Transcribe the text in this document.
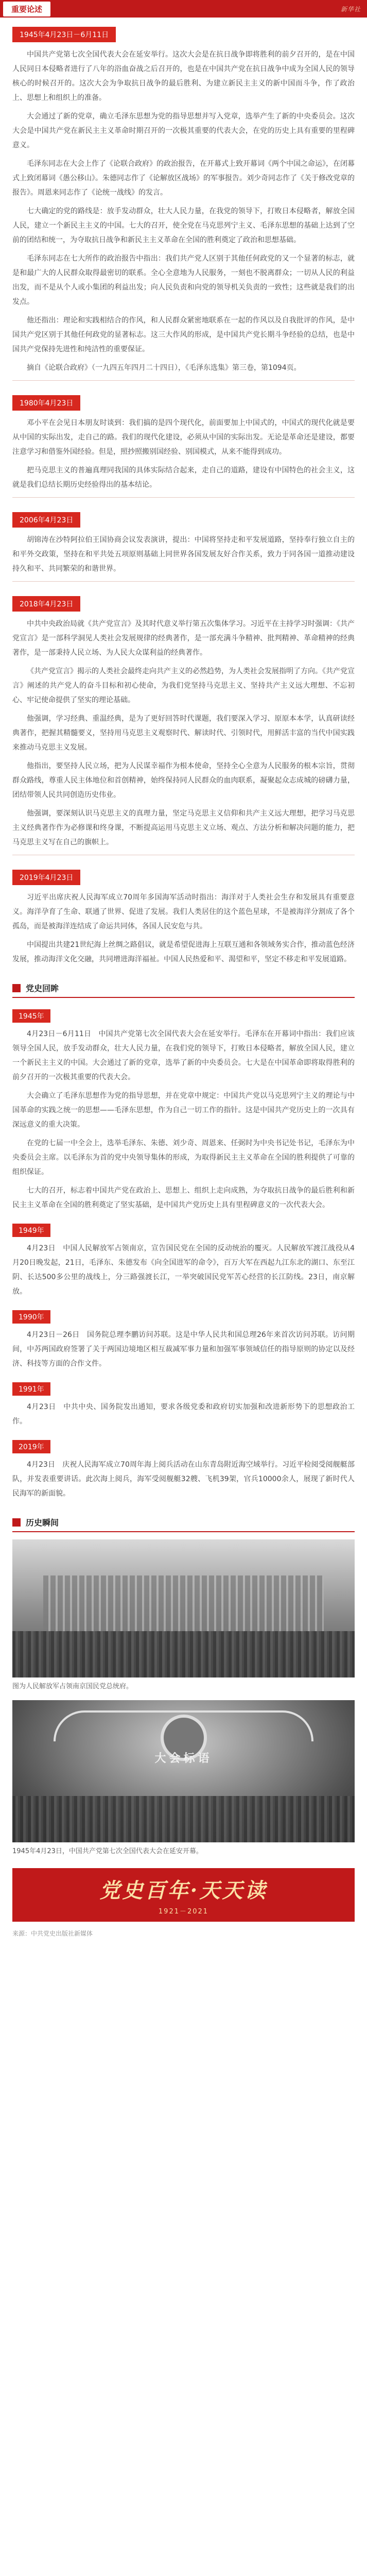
重要论述	新华社
1945年4月23日－6月11日

中国共产党第七次全国代表大会在延安举行。这次大会是在抗日战争即将胜利的前夕召开的，是在中国人民同日本侵略者进行了八年的浴血奋战之后召开的，也是在中国共产党在抗日战争中成为全国人民的领导核心的时候召开的。这次大会为争取抗日战争的最后胜利、为建立新民主主义的新中国而斗争，作了政治上、思想上和组织上的准备。

大会通过了新的党章，确立毛泽东思想为党的指导思想并写入党章，选举产生了新的中央委员会。这次大会是中国共产党在新民主主义革命时期召开的一次极其重要的代表大会，在党的历史上具有重要的里程碑意义。

毛泽东同志在大会上作了《论联合政府》的政治报告，在开幕式上致开幕词《两个中国之命运》，在闭幕式上致闭幕词《愚公移山》。朱德同志作了《论解放区战场》的军事报告。刘少奇同志作了《关于修改党章的报告》。周恩来同志作了《论统一战线》的发言。

七大确定的党的路线是：放手发动群众，壮大人民力量，在我党的领导下，打败日本侵略者，解放全国人民，建立一个新民主主义的中国。七大的召开，使全党在马克思列宁主义、毛泽东思想的基础上达到了空前的团结和统一，为夺取抗日战争和新民主主义革命在全国的胜利奠定了政治和思想基础。

毛泽东同志在七大所作的政治报告中指出：我们共产党人区别于其他任何政党的又一个显著的标志，就是和最广大的人民群众取得最密切的联系。全心全意地为人民服务，一刻也不脱离群众；一切从人民的利益出发，而不是从个人或小集团的利益出发；向人民负责和向党的领导机关负责的一致性；这些就是我们的出发点。

他还指出：理论和实践相结合的作风，和人民群众紧密地联系在一起的作风以及自我批评的作风，是中国共产党区别于其他任何政党的显著标志。这三大作风的形成，是中国共产党长期斗争经验的总结，也是中国共产党保持先进性和纯洁性的重要保证。

摘自《论联合政府》（一九四五年四月二十四日），《毛泽东选集》第三卷，第1094页。

1980年4月23日

邓小平在会见日本朋友时谈到：我们搞的是四个现代化，前面要加上中国式的，中国式的现代化就是要从中国的实际出发，走自己的路。我们的现代化建设，必须从中国的实际出发。无论是革命还是建设，都要注意学习和借鉴外国经验。但是，照抄照搬别国经验、别国模式，从来不能得到成功。

把马克思主义的普遍真理同我国的具体实际结合起来，走自己的道路，建设有中国特色的社会主义，这就是我们总结长期历史经验得出的基本结论。

2006年4月23日

胡锦涛在沙特阿拉伯王国协商会议发表演讲，提出：中国将坚持走和平发展道路，坚持奉行独立自主的和平外交政策，坚持在和平共处五项原则基础上同世界各国发展友好合作关系，致力于同各国一道推动建设持久和平、共同繁荣的和谐世界。

2018年4月23日

中共中央政治局就《共产党宣言》及其时代意义举行第五次集体学习。习近平在主持学习时强调：《共产党宣言》是一部科学洞见人类社会发展规律的经典著作，是一部充满斗争精神、批判精神、革命精神的经典著作，是一部秉持人民立场、为人民大众谋利益的经典著作。

《共产党宣言》揭示的人类社会最终走向共产主义的必然趋势，为人类社会发展指明了方向。《共产党宣言》阐述的共产党人的奋斗目标和初心使命，为我们党坚持马克思主义、坚持共产主义远大理想、不忘初心、牢记使命提供了坚实的理论基础。

他强调，学习经典、重温经典，是为了更好回答时代课题，我们要深入学习、原原本本学，认真研读经典著作，把握其精髓要义，坚持用马克思主义观察时代、解读时代、引领时代，用鲜活丰富的当代中国实践来推动马克思主义发展。

他指出，要坚持人民立场，把为人民谋幸福作为根本使命，坚持全心全意为人民服务的根本宗旨，贯彻群众路线，尊重人民主体地位和首创精神，始终保持同人民群众的血肉联系，凝聚起众志成城的磅礴力量，团结带领人民共同创造历史伟业。

他强调，要深刻认识马克思主义的真理力量，坚定马克思主义信仰和共产主义远大理想，把学习马克思主义经典著作作为必修课和终身课，不断提高运用马克思主义立场、观点、方法分析和解决问题的能力，把马克思主义写在自己的旗帜上。

2019年4月23日

习近平出席庆祝人民海军成立70周年多国海军活动时指出：海洋对于人类社会生存和发展具有重要意义。海洋孕育了生命、联通了世界、促进了发展。我们人类居住的这个蓝色星球，不是被海洋分割成了各个孤岛，而是被海洋连结成了命运共同体，各国人民安危与共。

中国提出共建21世纪海上丝绸之路倡议，就是希望促进海上互联互通和各领域务实合作，推动蓝色经济发展，推动海洋文化交融，共同增进海洋福祉。中国人民热爱和平、渴望和平，坚定不移走和平发展道路。

党史回眸
1945年

4月23日－6月11日　中国共产党第七次全国代表大会在延安举行。毛泽东在开幕词中指出：我们应该领导全国人民，放手发动群众，壮大人民力量，在我们党的领导下，打败日本侵略者，解放全国人民，建立一个新民主主义的中国。大会通过了新的党章，选举了新的中央委员会。七大是在中国革命即将取得胜利的前夕召开的一次极其重要的代表大会。

大会确立了毛泽东思想作为党的指导思想，并在党章中规定：中国共产党以马克思列宁主义的理论与中国革命的实践之统一的思想——毛泽东思想，作为自己一切工作的指针。这是中国共产党历史上的一次具有深远意义的重大决策。

在党的七届一中全会上，选举毛泽东、朱德、刘少奇、周恩来、任弼时为中央书记处书记，毛泽东为中央委员会主席。以毛泽东为首的党中央领导集体的形成，为取得新民主主义革命在全国的胜利提供了可靠的组织保证。

七大的召开，标志着中国共产党在政治上、思想上、组织上走向成熟，为夺取抗日战争的最后胜利和新民主主义革命在全国的胜利奠定了坚实基础，是中国共产党历史上具有里程碑意义的一次代表大会。

1949年

4月23日　中国人民解放军占领南京，宣告国民党在全国的反动统治的覆灭。人民解放军渡江战役从4月20日晚发起，21日，毛泽东、朱德发布《向全国进军的命令》，百万大军在西起九江东北的湖口、东至江阴、长达500多公里的战线上，分三路强渡长江，一举突破国民党军苦心经营的长江防线。23日，南京解放。

1990年

4月23日－26日　国务院总理李鹏访问苏联。这是中华人民共和国总理26年来首次访问苏联。访问期间，中苏两国政府签署了关于两国边境地区相互裁减军事力量和加强军事领域信任的指导原则的协定以及经济、科技等方面的合作文件。

1991年

4月23日　中共中央、国务院发出通知，要求各级党委和政府切实加强和改进新形势下的思想政治工作。

2019年

4月23日　庆祝人民海军成立70周年海上阅兵活动在山东青岛附近海空域举行。习近平检阅受阅舰艇部队，并发表重要讲话。此次海上阅兵，海军受阅舰艇32艘、飞机39架，官兵10000余人，展现了新时代人民海军的新面貌。

历史瞬间

图为人民解放军占领南京国民党总统府。

大会标语

1945年4月23日，中国共产党第七次全国代表大会在延安开幕。

党史百年·天天读
1921－2021

来源：中共党史出版社新媒体
